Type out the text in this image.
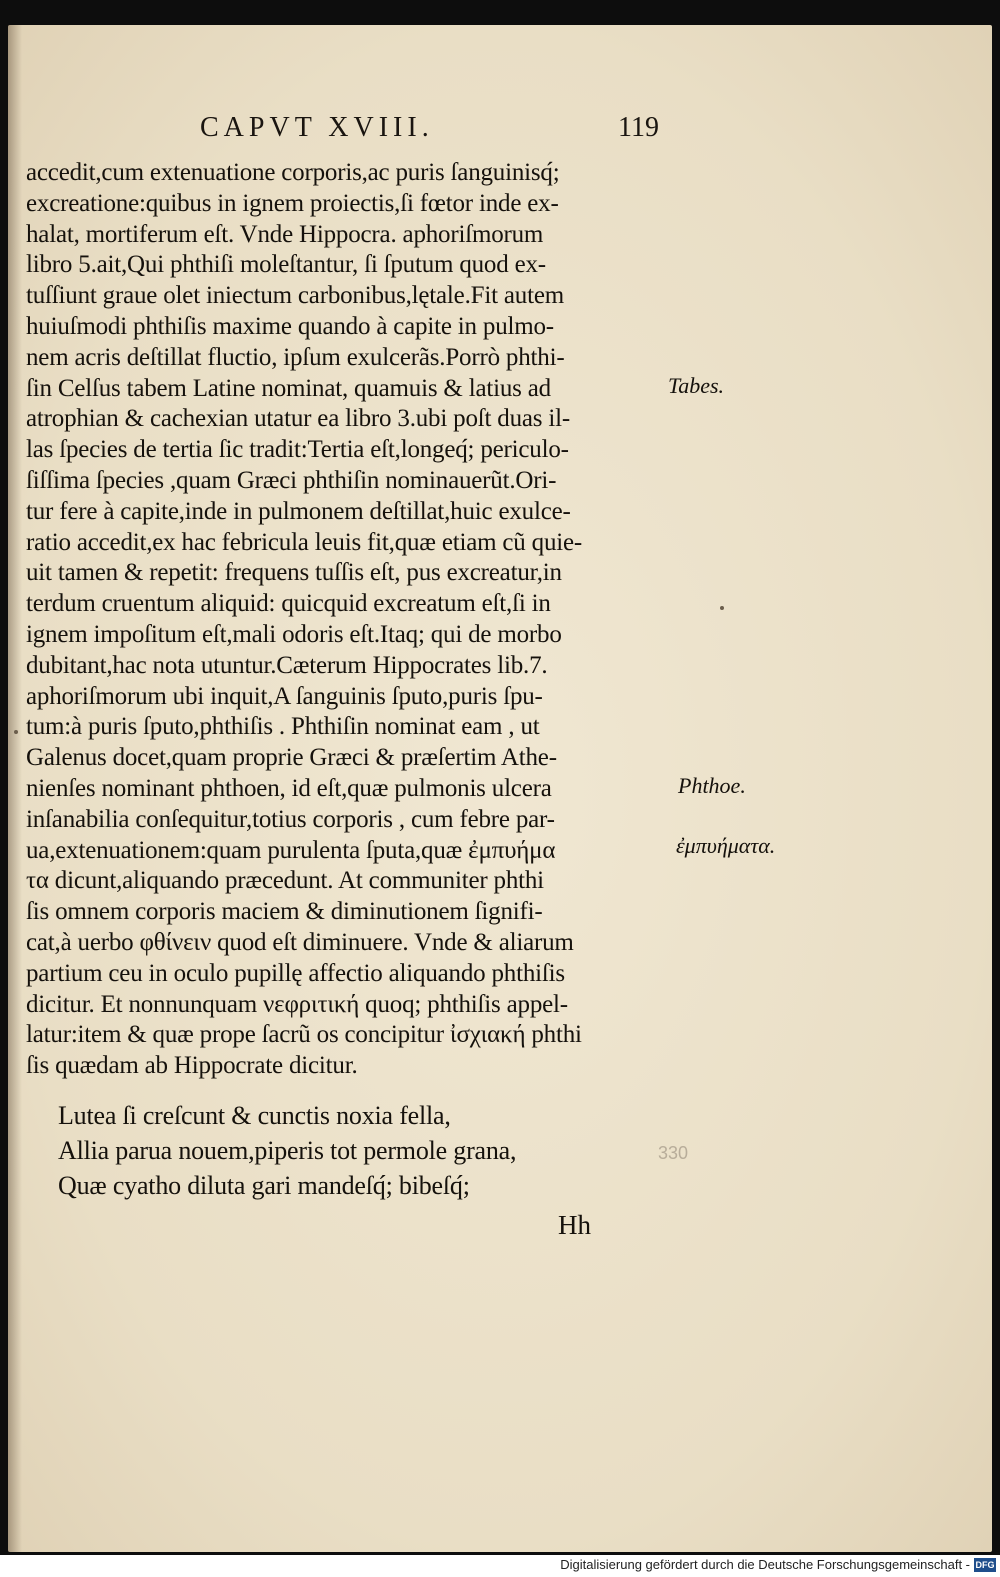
CAPVT XVIII.	119
accedit,cum extenuatione corporis,ac puris ſanguinisq́;
excreatione:quibus in ignem proiectis,ſi fœtor inde ex-
halat, mortiferum eſt. Vnde Hippocra. aphoriſmorum
libro 5.ait,Qui phthiſi moleſtantur, ſi ſputum quod ex-
tuſſiunt graue olet iniectum carbonibus,lętale.Fit autem
huiuſmodi phthiſis maxime quando à capite in pulmo-
nem acris deſtillat fluctio, ipſum exulcerãs.Porrò phthi-
ſin Celſus tabem Latine nominat, quamuis & latius ad
atrophian & cachexian utatur ea libro 3.ubi poſt duas il-
las ſpecies de tertia ſic tradit:Tertia eſt,longeq́; periculo-
ſiſſima ſpecies ,quam Græci phthiſin nominauerũt.Ori-
tur fere à capite,inde in pulmonem deſtillat,huic exulce-
ratio accedit,ex hac febricula leuis fit,quæ etiam cũ quie-
uit tamen & repetit: frequens tuſſis eſt, pus excreatur,in
terdum cruentum aliquid: quicquid excreatum eſt,ſi in
ignem impoſitum eſt,mali odoris eſt.Itaq; qui de morbo
dubitant,hac nota utuntur.Cæterum Hippocrates lib.7.
aphoriſmorum ubi inquit,A ſanguinis ſputo,puris ſpu-
tum:à puris ſputo,phthiſis . Phthiſin nominat eam , ut
Galenus docet,quam proprie Græci & præſertim Athe-
nienſes nominant phthoen, id eſt,quæ pulmonis ulcera
inſanabilia conſequitur,totius corporis , cum febre par-
ua,extenuationem:quam purulenta ſputa,quæ ἐμπυήμα
τα dicunt,aliquando præcedunt. At communiter phthi
ſis omnem corporis maciem & diminutionem ſignifi-
cat,à uerbo φθίνειν quod eſt diminuere. Vnde & aliarum
partium ceu in oculo pupillę affectio aliquando phthiſis
dicitur. Et nonnunquam νεφριτική quoq; phthiſis appel-
latur:item & quæ prope ſacrũ os concipitur ἰσχιακή phthi
ſis quædam ab Hippocrate dicitur.
Tabes.
Phthoe.
ἐμπυήματα.
Lutea ſi creſcunt & cunctis noxia fella,
Allia parua nouem,piperis tot permole grana,
Quæ cyatho diluta gari mandeſq́; bibeſq́;
330
Hh
Digitalisierung gefördert durch die Deutsche Forschungsgemeinschaft - DFG
